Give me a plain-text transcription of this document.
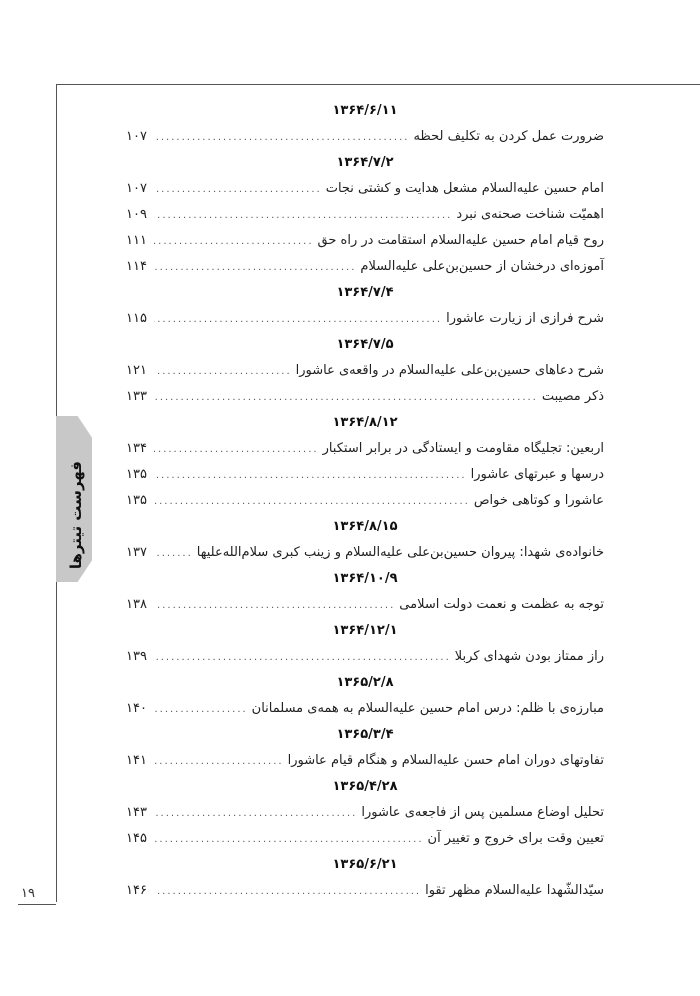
فهرست‌ تیترها
۱۹
۱۳۶۴/۶/۱۱
ضرورت عمل کردن به تکلیف لحظه
.....
۱۰۷
۱۳۶۴/۷/۲
امام حسین علیه‌السلام مشعل هدایت و کشتی نجات
.....
۱۰۷
اهمیّت شناخت صحنه‌ی نبرد
.....
۱۰۹
روح قیام امام حسین علیه‌السلام استقامت در راه حق
.....
۱۱۱
آموزه‌ای درخشان از حسین‌بن‌علی علیه‌السلام
.....
۱۱۴
۱۳۶۴/۷/۴
شرح فرازی از زیارت عاشورا
.....
۱۱۵
۱۳۶۴/۷/۵
شرح دعاهای حسین‌بن‌علی علیه‌السلام در واقعه‌ی عاشورا
.....
۱۲۱
ذکر مصیبت
.....
۱۳۳
۱۳۶۴/۸/۱۲
اربعین: تجلیگاه مقاومت و ایستادگی در برابر استکبار
.....
۱۳۴
درسها و عبرتهای عاشورا
.....
۱۳۵
عاشورا و کوتاهی خواص
.....
۱۳۵
۱۳۶۴/۸/۱۵
خانواده‌ی شهدا: پیروان حسین‌بن‌علی علیه‌السلام و زینب کبری سلام‌الله‌علیها
.....
۱۳۷
۱۳۶۴/۱۰/۹
توجه به عظمت و نعمت دولت اسلامی
.....
۱۳۸
۱۳۶۴/۱۲/۱
راز ممتاز بودن شهدای کربلا
.....
۱۳۹
۱۳۶۵/۲/۸
مبارزه‌ی با ظلم: درس امام حسین علیه‌السلام به همه‌ی مسلمانان
.....
۱۴۰
۱۳۶۵/۳/۴
تفاوتهای دوران امام حسن علیه‌السلام و هنگام قیام عاشورا
.....
۱۴۱
۱۳۶۵/۴/۲۸
تحلیل اوضاع مسلمین پس از فاجعه‌ی عاشورا
.....
۱۴۳
تعیین وقت برای خروج و تغییر آن
.....
۱۴۵
۱۳۶۵/۶/۲۱
سیّدالشّهدا علیه‌السلام مظهر تقوا
.....
۱۴۶
